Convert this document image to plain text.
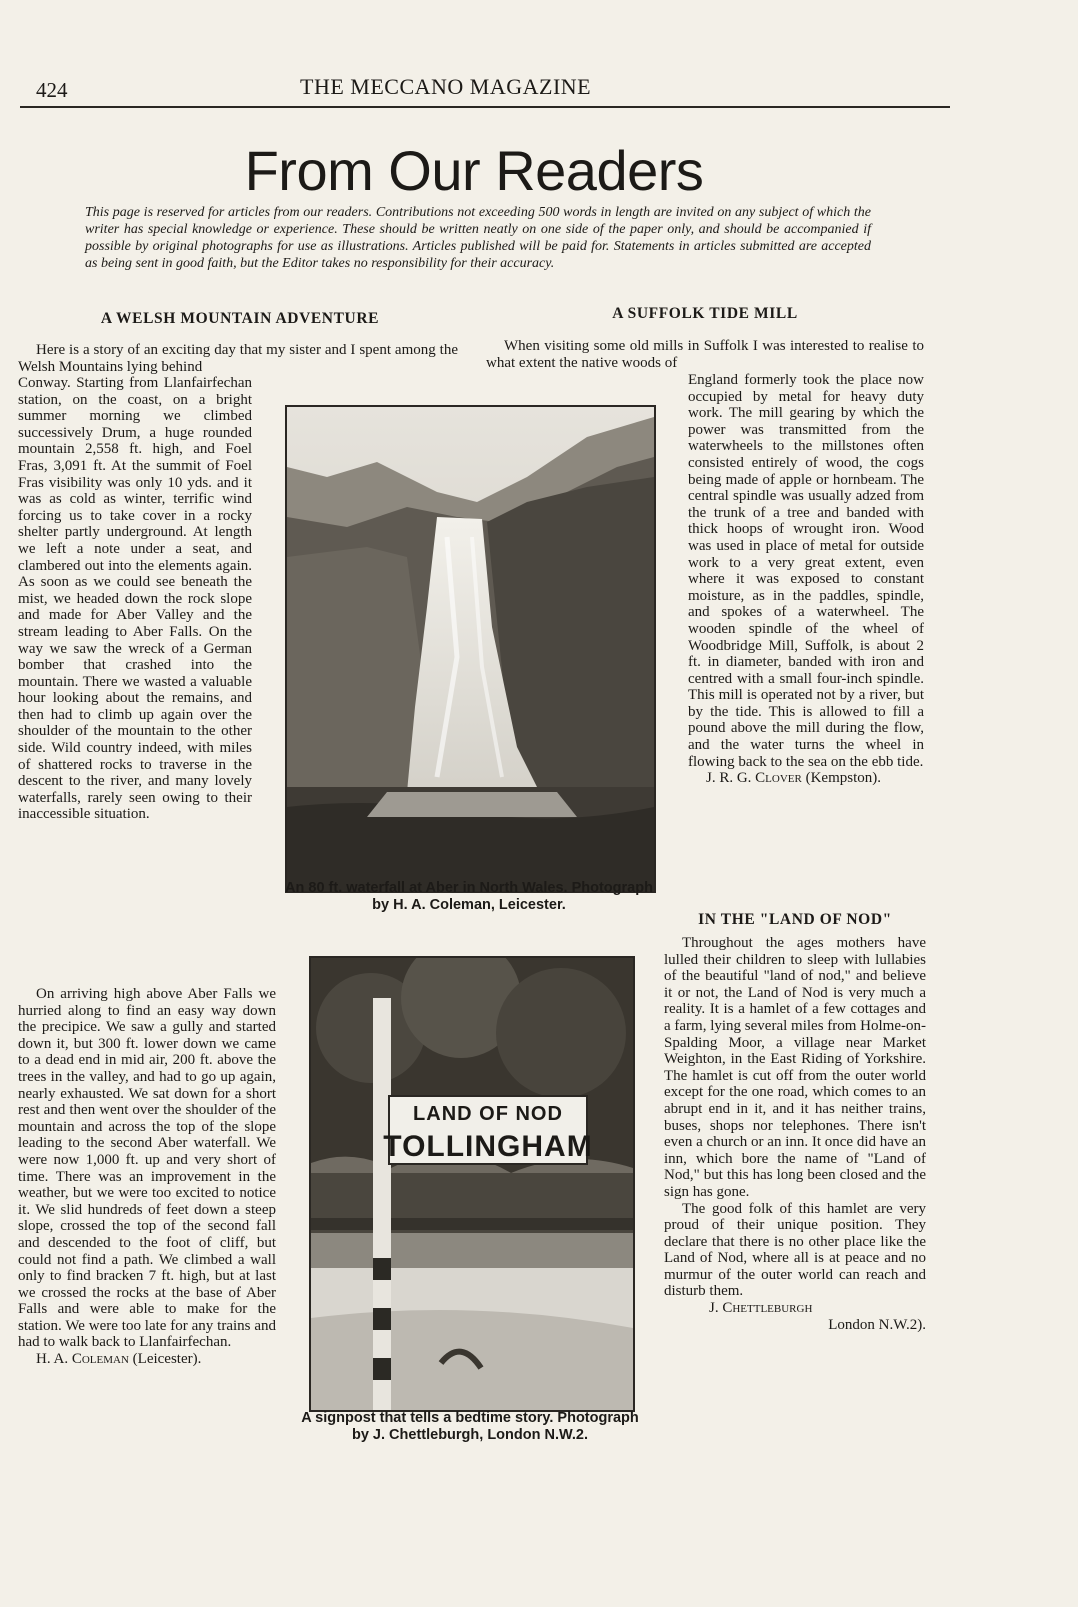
424	THE MECCANO MAGAZINE
From Our Readers
This page is reserved for articles from our readers. Contributions not exceeding 500 words in length are invited on any subject of which the writer has special knowledge or experience. These should be written neatly on one side of the paper only, and should be accompanied if possible by original photographs for use as illustrations. Articles published will be paid for. Statements in articles submitted are accepted as being sent in good faith, but the Editor takes no responsibility for their accuracy.
A WELSH MOUNTAIN ADVENTURE	A SUFFOLK TIDE MILL

Here is a story of an exciting day that my sister and I spent among the Welsh Mountains lying behind

When visiting some old mills in Suffolk I was interested to realise to what extent the native woods of

Conway. Starting from Llanfairfechan station, on the coast, on a bright summer morning we climbed successively Drum, a huge rounded mountain 2,558 ft. high, and Foel Fras, 3,091 ft. At the summit of Foel Fras visibility was only 10 yds. and it was as cold as winter, terrific wind forcing us to take cover in a rocky shelter partly underground. At length we left a note under a seat, and clambered out into the elements again. As soon as we could see beneath the mist, we headed down the rock slope and made for Aber Valley and the stream leading to Aber Falls. On the way we saw the wreck of a German bomber that crashed into the mountain. There we wasted a valuable hour looking about the remains, and then had to climb up again over the shoulder of the mountain to the other side. Wild country indeed, with miles of shattered rocks to traverse in the descent to the river, and many lovely waterfalls, rarely seen owing to their inaccessible situation.

On arriving high above Aber Falls we hurried along to find an easy way down the precipice. We saw a gully and started down it, but 300 ft. lower down we came to a dead end in mid air, 200 ft. above the trees in the valley, and had to go up again, nearly exhausted. We sat down for a short rest and then went over the shoulder of the mountain and across the top of the slope leading to the second Aber waterfall. We were now 1,000 ft. up and very short of time. There was an improvement in the weather, but we were too excited to notice it. We slid hundreds of feet down a steep slope, crossed the top of the second fall and descended to the foot of cliff, but could not find a path. We climbed a wall only to find bracken 7 ft. high, but at last we crossed the rocks at the base of Aber Falls and were able to make for the station. We were too late for any trains and had to walk back to Llanfairfechan.

H. A. Coleman (Leicester).

An 80 ft. waterfall at Aber in North Wales. Photograph by H. A. Coleman, Leicester.
LAND OF NOD
TOLLINGHAM
A signpost that tells a bedtime story. Photograph by J. Chettleburgh, London N.W.2.

England formerly took the place now occupied by metal for heavy duty work. The mill gearing by which the power was transmitted from the waterwheels to the millstones often consisted entirely of wood, the cogs being made of apple or hornbeam. The central spindle was usually adzed from the trunk of a tree and banded with thick hoops of wrought iron. Wood was used in place of metal for outside work to a very great extent, even where it was exposed to constant moisture, as in the paddles, spindle, and spokes of a waterwheel. The wooden spindle of the wheel of Woodbridge Mill, Suffolk, is about 2 ft. in diameter, banded with iron and centred with a small four-inch spindle. This mill is operated not by a river, but by the tide. This is allowed to fill a pound above the mill during the flow, and the water turns the wheel in flowing back to the sea on the ebb tide.

J. R. G. Clover (Kempston).

IN THE "LAND OF NOD"

Throughout the ages mothers have lulled their children to sleep with lullabies of the beautiful "land of nod," and believe it or not, the Land of Nod is very much a reality. It is a hamlet of a few cottages and a farm, lying several miles from Holme-on-Spalding Moor, a village near Market Weighton, in the East Riding of Yorkshire. The hamlet is cut off from the outer world except for the one road, which comes to an abrupt end in it, and it has neither trains, buses, shops nor telephones. There isn't even a church or an inn. It once did have an inn, which bore the name of "Land of Nod," but this has long been closed and the sign has gone.

The good folk of this hamlet are very proud of their unique position. They declare that there is no other place like the Land of Nod, where all is at peace and no murmur of the outer world can reach and disturb them.

J. Chettleburgh

London N.W.2).
